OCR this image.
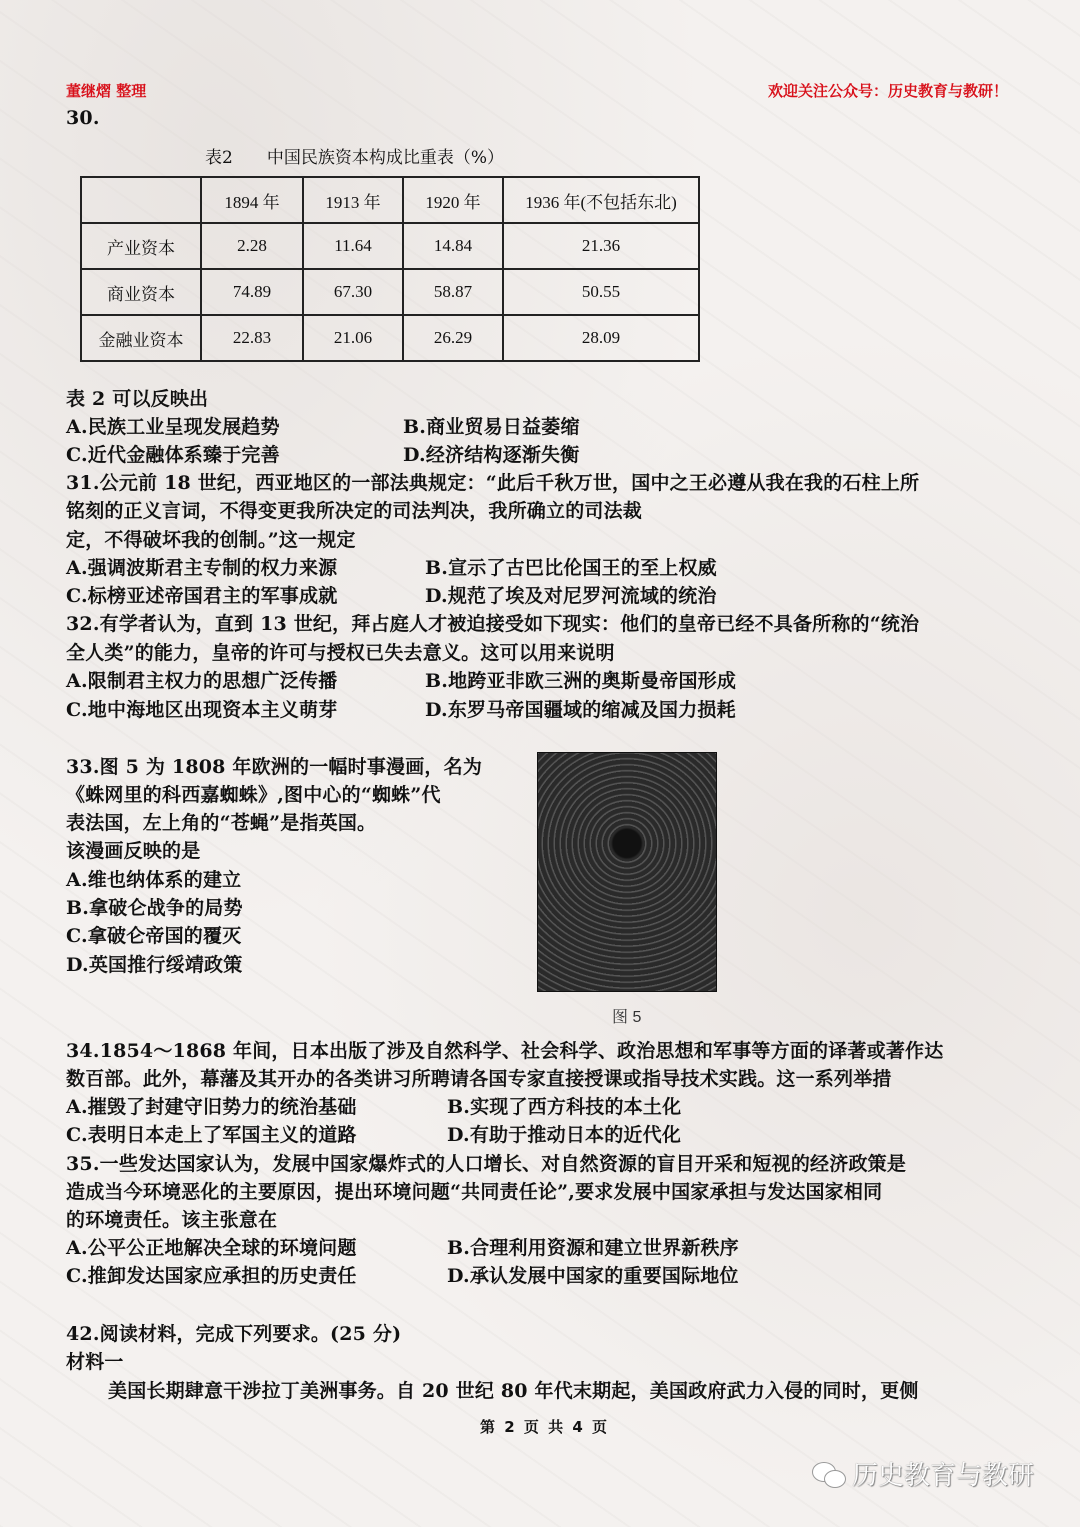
董继熠 整理	欢迎关注公众号：历史教育与教研！
30.
表2　　中国民族资本构成比重表（%）
	1894 年	1913 年	1920 年	1936 年(不包括东北)
产业资本	2.28	11.64	14.84	21.36
商业资本	74.89	67.30	58.87	50.55
金融业资本	22.83	21.06	26.29	28.09
表 2 可以反映出
A.民族工业呈现发展趋势	B.商业贸易日益萎缩
C.近代金融体系臻于完善	D.经济结构逐渐失衡
31.公元前 18 世纪，西亚地区的一部法典规定：“此后千秋万世，国中之王必遵从我在我的石柱上所
铭刻的正义言词，不得变更我所决定的司法判决，我所确立的司法裁
定，不得破坏我的创制。”这一规定
A.强调波斯君主专制的权力来源	B.宣示了古巴比伦国王的至上权威
C.标榜亚述帝国君主的军事成就	D.规范了埃及对尼罗河流域的统治
32.有学者认为，直到 13 世纪，拜占庭人才被迫接受如下现实：他们的皇帝已经不具备所称的“统治
全人类”的能力，皇帝的许可与授权已失去意义。这可以用来说明
A.限制君主权力的思想广泛传播	B.地跨亚非欧三洲的奥斯曼帝国形成
C.地中海地区出现资本主义萌芽	D.东罗马帝国疆域的缩减及国力损耗
33.图 5 为 1808 年欧洲的一幅时事漫画，名为
《蛛网里的科西嘉蜘蛛》,图中心的“蜘蛛”代
表法国，左上角的“苍蝇”是指英国。
该漫画反映的是
A.维也纳体系的建立
B.拿破仑战争的局势
C.拿破仑帝国的覆灭
D.英国推行绥靖政策
图 5
34.1854～1868 年间，日本出版了涉及自然科学、社会科学、政治思想和军事等方面的译著或著作达
数百部。此外，幕藩及其开办的各类讲习所聘请各国专家直接授课或指导技术实践。这一系列举措
A.摧毁了封建守旧势力的统治基础	B.实现了西方科技的本土化
C.表明日本走上了军国主义的道路	D.有助于推动日本的近代化
35.一些发达国家认为，发展中国家爆炸式的人口增长、对自然资源的盲目开采和短视的经济政策是
造成当今环境恶化的主要原因，提出环境问题“共同责任论”,要求发展中国家承担与发达国家相同
的环境责任。该主张意在
A.公平公正地解决全球的环境问题	B.合理利用资源和建立世界新秩序
C.推卸发达国家应承担的历史责任	D.承认发展中国家的重要国际地位
42.阅读材料，完成下列要求。(25 分)
材料一
美国长期肆意干涉拉丁美洲事务。自 20 世纪 80 年代末期起，美国政府武力入侵的同时，更侧
第 2 页 共 4 页
历史教育与教研
